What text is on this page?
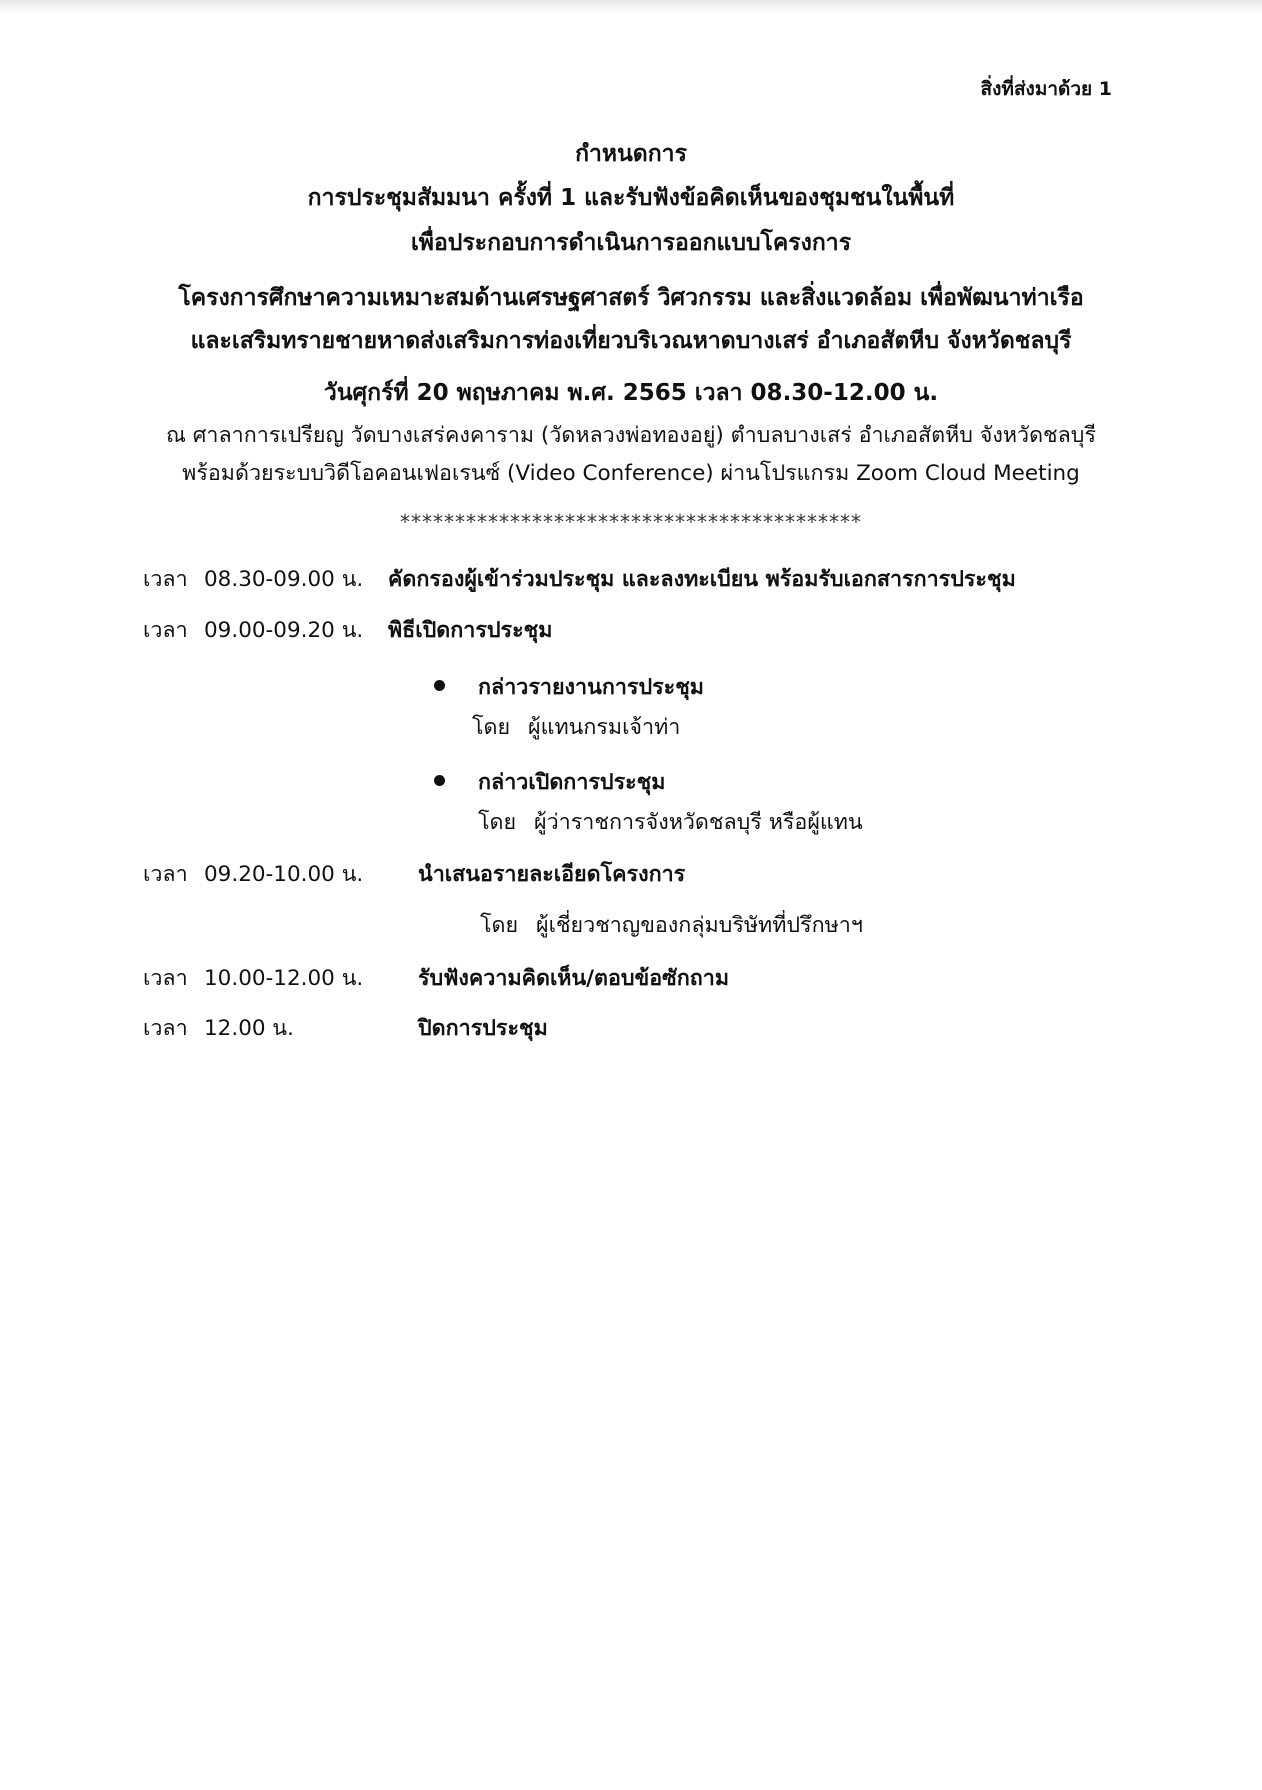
สิ่งที่ส่งมาด้วย 1
กำหนดการ
การประชุมสัมมนา ครั้งที่ 1 และรับฟังข้อคิดเห็นของชุมชนในพื้นที่
เพื่อประกอบการดำเนินการออกแบบโครงการ
โครงการศึกษาความเหมาะสมด้านเศรษฐศาสตร์ วิศวกรรม และสิ่งแวดล้อม เพื่อพัฒนาท่าเรือ
และเสริมทรายชายหาดส่งเสริมการท่องเที่ยวบริเวณหาดบางเสร่ อำเภอสัตหีบ จังหวัดชลบุรี
วันศุกร์ที่ 20 พฤษภาคม พ.ศ. 2565 เวลา 08.30-12.00 น.
ณ ศาลาการเปรียญ วัดบางเสร่คงคาราม (วัดหลวงพ่อทองอยู่) ตำบลบางเสร่ อำเภอสัตหีบ จังหวัดชลบุรี
พร้อมด้วยระบบวิดีโอคอนเฟอเรนซ์ (Video Conference) ผ่านโปรแกรม Zoom Cloud Meeting
******************************************
เวลา 08.30-09.00 น. คัดกรองผู้เข้าร่วมประชุม และลงทะเบียน พร้อมรับเอกสารการประชุม
เวลา 09.00-09.20 น. พิธีเปิดการประชุม
กล่าวรายงานการประชุม
โดย ผู้แทนกรมเจ้าท่า
กล่าวเปิดการประชุม
โดย ผู้ว่าราชการจังหวัดชลบุรี หรือผู้แทน
เวลา 09.20-10.00 น.	นำเสนอรายละเอียดโครงการ
โดย ผู้เชี่ยวชาญของกลุ่มบริษัทที่ปรึกษาฯ
เวลา 10.00-12.00 น.	รับฟังความคิดเห็น/ตอบข้อซักถาม
เวลา 12.00 น.	ปิดการประชุม
